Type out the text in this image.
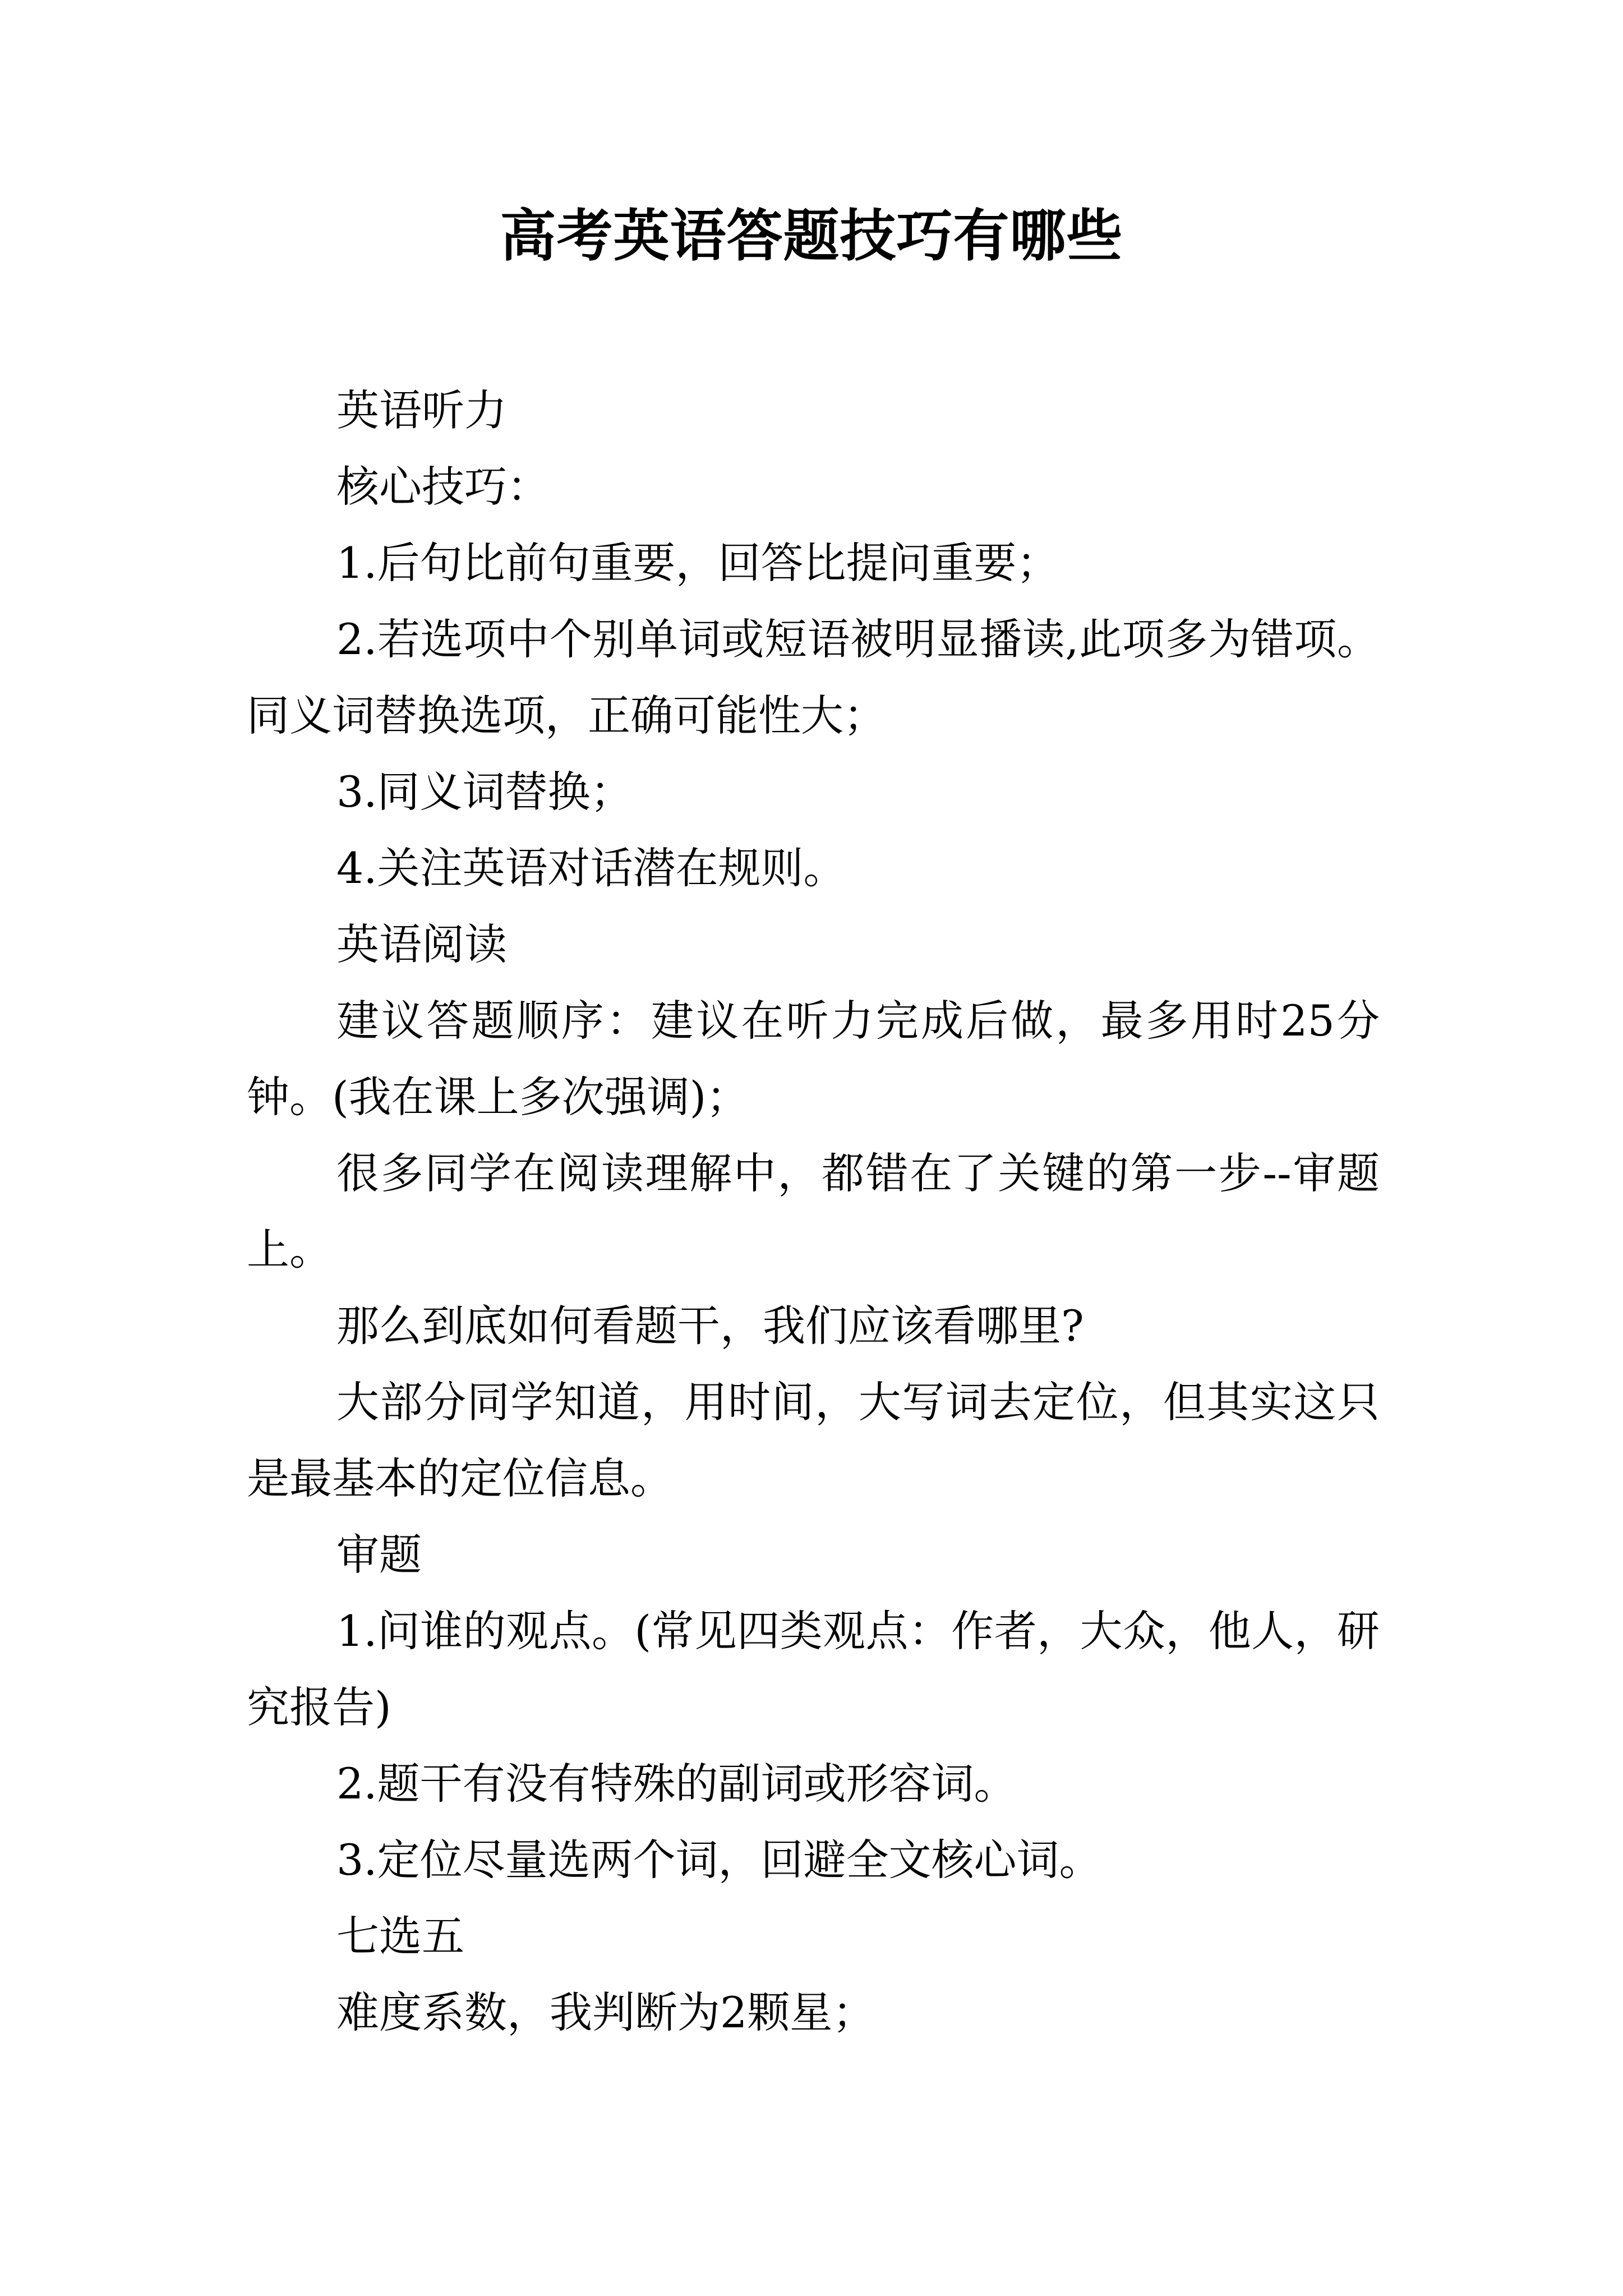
高考英语答题技巧有哪些

英语听力

核心技巧：

1.后句比前句重要，回答比提问重要；

2.若选项中个别单词或短语被明显播读,此项多为错项。同义词替换选项，正确可能性大；

3.同义词替换；

4.关注英语对话潜在规则。

英语阅读

建议答题顺序：建议在听力完成后做，最多用时25分钟。(我在课上多次强调)；

很多同学在阅读理解中，都错在了关键的第一步--审题上。

那么到底如何看题干，我们应该看哪里?

大部分同学知道，用时间，大写词去定位，但其实这只是最基本的定位信息。

审题

1.问谁的观点。(常见四类观点：作者，大众，他人，研究报告)

2.题干有没有特殊的副词或形容词。

3.定位尽量选两个词，回避全文核心词。

七选五

难度系数，我判断为2颗星；
